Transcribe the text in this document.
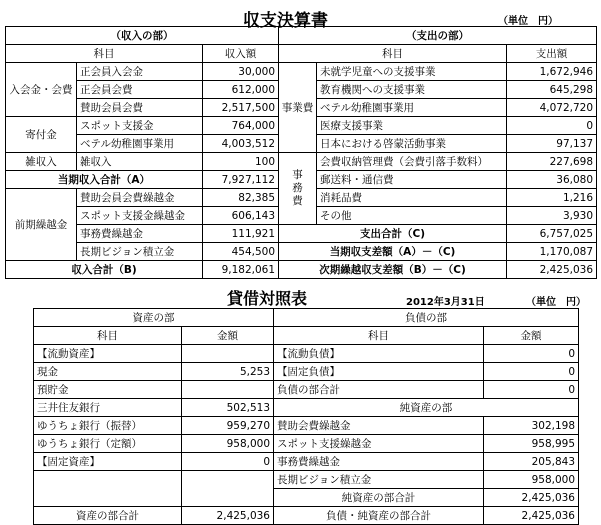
収支決算書	（単位　円）
（収入の部）			（支出の部）		
科目		収入額	科目		支出額
入会金・会費	正会員入会金	30,000	事業費	未就学児童への支援事業	1,672,946
	正会員会費	612,000		教育機関への支援事業	645,298
	賛助会員会費	2,517,500		ベテル幼稚園事業用	4,072,720
寄付金	スポット支援金	764,000		医療支援事業	0
	ベテル幼稚園事業用	4,003,512		日本における啓蒙活動事業	97,137
雑収入	雑収入	100	事務費	会費収納管理費（会費引落手数料）	227,698
当期収入合計（A）		7,927,112		郵送料・通信費	36,080
前期繰越金	賛助会員会費繰越金	82,385		消耗品費	1,216
	スポット支援金繰越金	606,143		その他	3,930
	事務費繰越金	111,921	支出合計（C)		6,757,025
	長期ビジョン積立金	454,500	当期収支差額（A）－（C)		1,170,087
収入合計（B)		9,182,061	次期繰越収支差額（B）－（C)		2,425,036
貸借対照表	2012年3月31日	（単位　円）
資産の部		負債の部	
科目	金額	科目	金額
【流動資産】		【流動負債】	0
現金	5,253	【固定負債】	0
預貯金		負債の部合計	0
三井住友銀行	502,513	純資産の部	
ゆうちょ銀行（振替）	959,270	賛助会費繰越金	302,198
ゆうちょ銀行（定額）	958,000	スポット支援繰越金	958,995
【固定資産】	0	事務費繰越金	205,843
		長期ビジョン積立金	958,000
		純資産の部合計	2,425,036
資産の部合計	2,425,036	負債・純資産の部合計	2,425,036
